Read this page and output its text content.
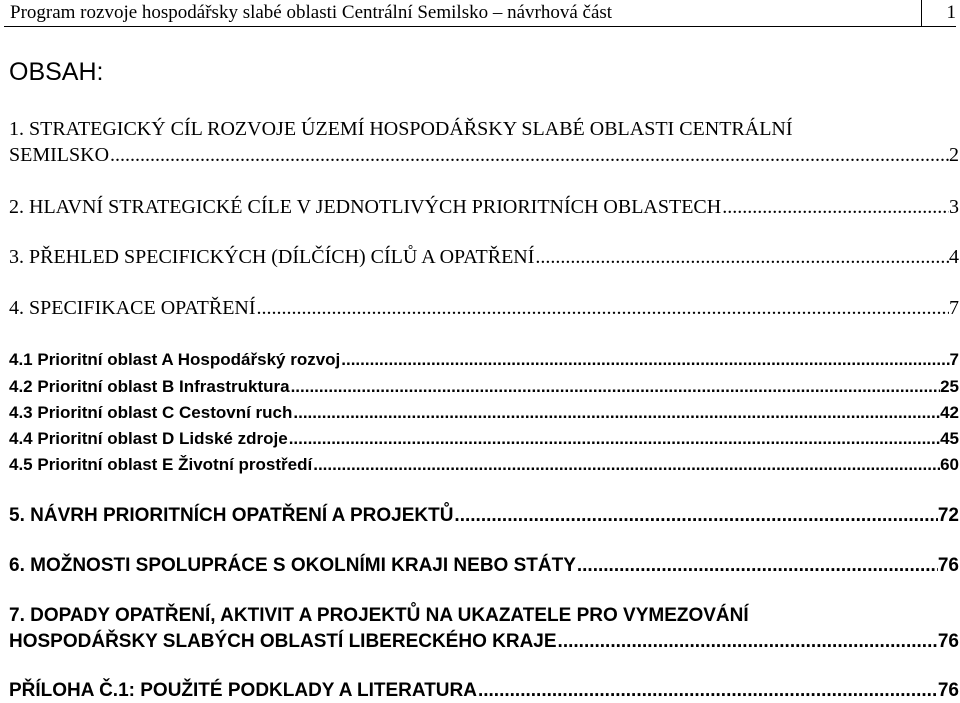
Program rozvoje hospodářsky slabé oblasti Centrální Semilsko – návrhová část	1
OBSAH:
1. STRATEGICKÝ CÍL ROZVOJE ÚZEMÍ HOSPODÁŘSKY SLABÉ OBLASTI CENTRÁLNÍ
SEMILSKO .....	2
2. HLAVNÍ STRATEGICKÉ CÍLE V JEDNOTLIVÝCH PRIORITNÍCH OBLASTECH .....	3
3. PŘEHLED SPECIFICKÝCH (DÍLČÍCH) CÍLŮ A OPATŘENÍ .....	4
4. SPECIFIKACE OPATŘENÍ .....	7
4.1 Prioritní oblast A Hospodářský rozvoj .....	7
4.2 Prioritní oblast B Infrastruktura .....	25
4.3 Prioritní oblast C Cestovní ruch .....	42
4.4 Prioritní oblast D Lidské zdroje .....	45
4.5 Prioritní oblast E Životní prostředí .....	60
5. NÁVRH PRIORITNÍCH OPATŘENÍ A PROJEKTŮ .....	72
6. MOŽNOSTI SPOLUPRÁCE S OKOLNÍMI KRAJI NEBO STÁTY .....	76
7. DOPADY OPATŘENÍ, AKTIVIT A PROJEKTŮ NA UKAZATELE PRO VYMEZOVÁNÍ
HOSPODÁŘSKY SLABÝCH OBLASTÍ LIBERECKÉHO KRAJE .....	76
PŘÍLOHA Č.1: POUŽITÉ PODKLADY A LITERATURA .....	76
